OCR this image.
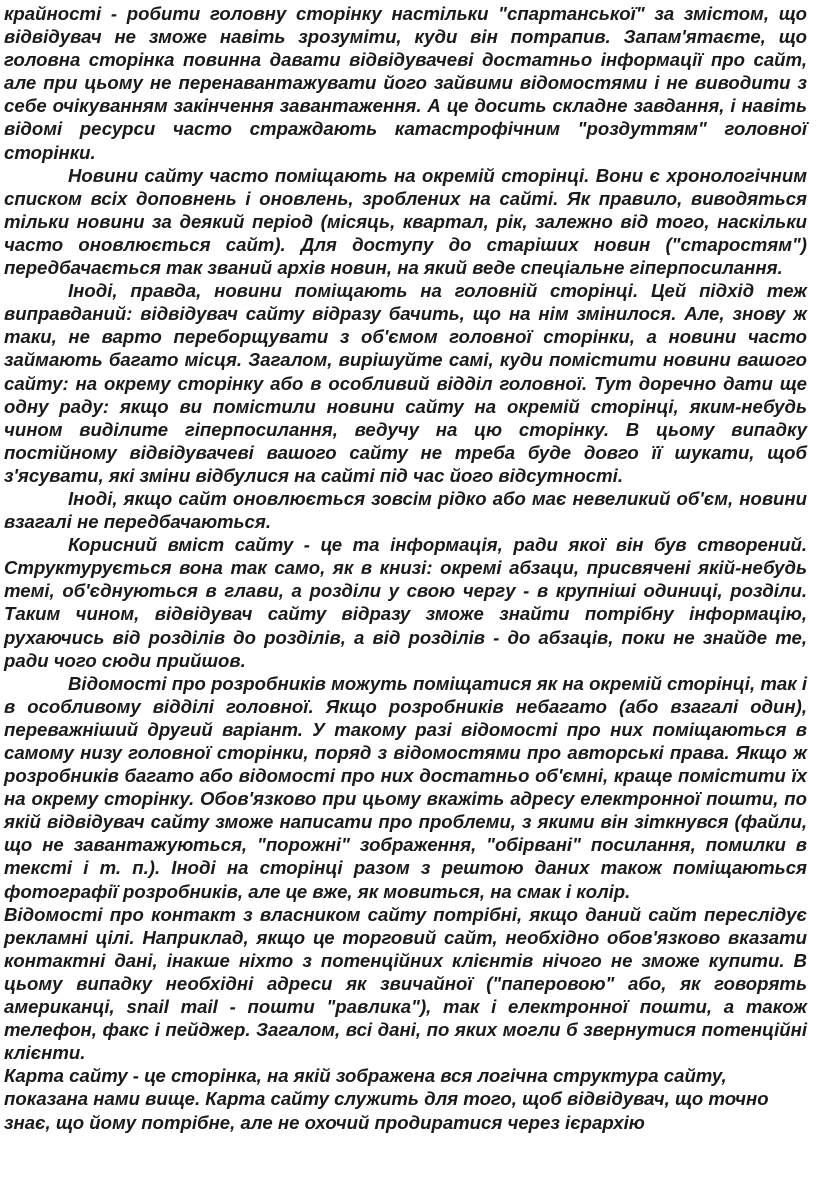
крайності - робити головну сторінку настільки "спартанської" за змістом, що відвідувач не зможе навіть зрозуміти, куди він потрапив. Запам'ятаєте, що головна сторінка повинна давати відвідувачеві достатньо інформації про сайт, але при цьому не перенавантажувати його зайвими відомостями і не виводити з себе очікуванням закінчення завантаження. А це досить складне завдання, і навіть відомі ресурси часто страждають катастрофічним "роздуттям" головної сторінки.

Новини сайту часто поміщають на окремій сторінці. Вони є хронологічним списком всіх доповнень і оновлень, зроблених на сайті. Як правило, виводяться тільки новини за деякий період (місяць, квартал, рік, залежно від того, наскільки часто оновлюється сайт). Для доступу до старіших новин ("старостям") передбачається так званий архів новин, на який веде спеціальне гіперпосилання.

Іноді, правда, новини поміщають на головній сторінці. Цей підхід теж виправданий: відвідувач сайту відразу бачить, що на нім змінилося. Але, знову ж таки, не варто переборщувати з об'ємом головної сторінки, а новини часто займають багато місця. Загалом, вирішуйте самі, куди помістити новини вашого сайту: на окрему сторінку або в особливий відділ головної. Тут доречно дати ще одну раду: якщо ви помістили новини сайту на окремій сторінці, яким-небудь чином виділите гіперпосилання, ведучу на цю сторінку. В цьому випадку постійному відвідувачеві вашого сайту не треба буде довго її шукати, щоб з'ясувати, які зміни відбулися на сайті під час його відсутності.

Іноді, якщо сайт оновлюється зовсім рідко або має невеликий об'єм, новини взагалі не передбачаються.

Корисний вміст сайту - це та інформація, ради якої він був створений. Структурується вона так само, як в книзі: окремі абзаци, присвячені якій-небудь темі, об'єднуються в глави, а розділи у свою чергу - в крупніші одиниці, розділи. Таким чином, відвідувач сайту відразу зможе знайти потрібну інформацію, рухаючись від розділів до розділів, а від розділів - до абзаців, поки не знайде те, ради чого сюди прийшов.

Відомості про розробників можуть поміщатися як на окремій сторінці, так і в особливому відділі головної. Якщо розробників небагато (або взагалі один), переважніший другий варіант. У такому разі відомості про них поміщаються в самому низу головної сторінки, поряд з відомостями про авторські права. Якщо ж розробників багато або відомості про них достатньо об'ємні, краще помістити їх на окрему сторінку. Обов'язково при цьому вкажіть адресу електронної пошти, по якій відвідувач сайту зможе написати про проблеми, з якими він зіткнувся (файли, що не завантажуються, "порожні" зображення, "обірвані" посилання, помилки в тексті і т. п.). Іноді на сторінці разом з рештою даних також поміщаються фотографії розробників, але це вже, як мовиться, на смак і колір.

Відомості про контакт з власником сайту потрібні, якщо даний сайт переслідує рекламні цілі. Наприклад, якщо це торговий сайт, необхідно обов'язково вказати контактні дані, інакше ніхто з потенційних клієнтів нічого не зможе купити. В цьому випадку необхідні адреси як звичайної ("паперовою" або, як говорять американці, snail mail - пошти "равлика"), так і електронної пошти, а також телефон, факс і пейджер. Загалом, всі дані, по яких могли б звернутися потенційні клієнти.

Карта сайту - це сторінка, на якій зображена вся логічна структура сайту, показана нами вище. Карта сайту служить для того, щоб відвідувач, що точно знає, що йому потрібне, але не охочий продиратися через ієрархію
